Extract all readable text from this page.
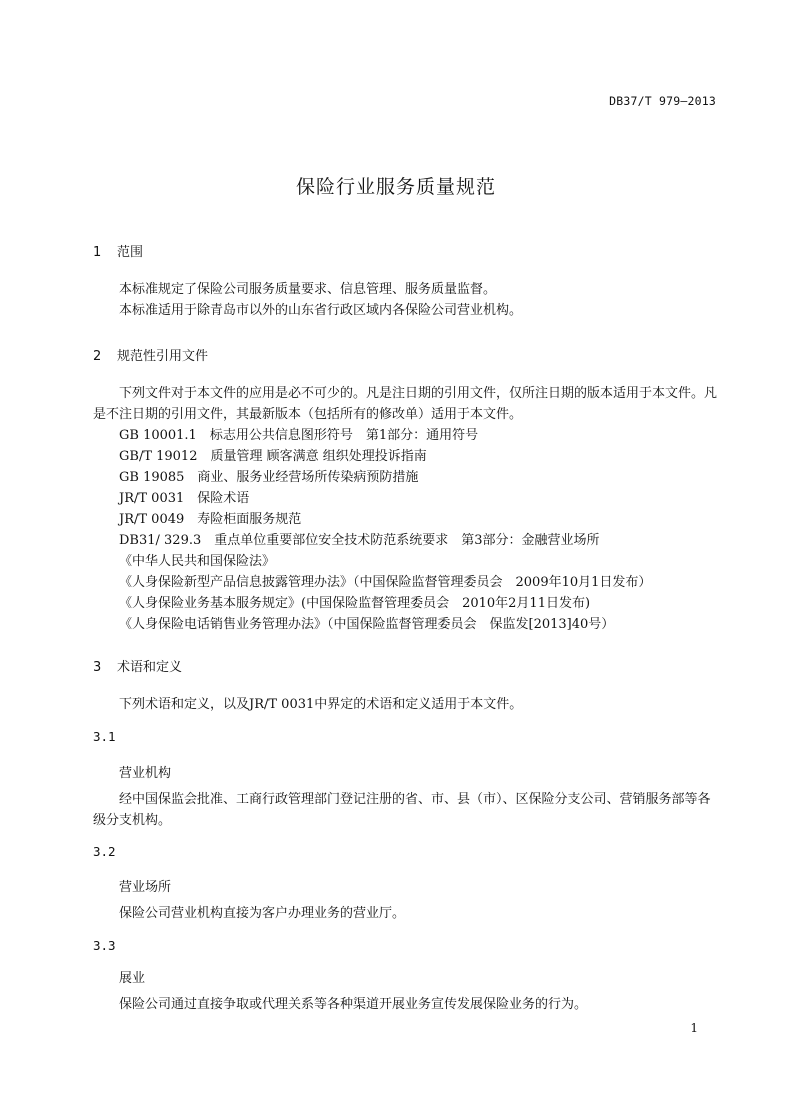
DB37/T 979—2013

保险行业服务质量规范

1 范围

本标准规定了保险公司服务质量要求、信息管理、服务质量监督。

本标准适用于除青岛市以外的山东省行政区域内各保险公司营业机构。

2 规范性引用文件

下列文件对于本文件的应用是必不可少的。凡是注日期的引用文件，仅所注日期的版本适用于本文件。凡是不注日期的引用文件，其最新版本（包括所有的修改单）适用于本文件。

GB 10001.1　标志用公共信息图形符号　第1部分：通用符号

GB/T 19012　质量管理 顾客满意 组织处理投诉指南

GB 19085　商业、服务业经营场所传染病预防措施

JR/T 0031　保险术语

JR/T 0049　寿险柜面服务规范

DB31/ 329.3　重点单位重要部位安全技术防范系统要求　第3部分：金融营业场所

《中华人民共和国保险法》

《人身保险新型产品信息披露管理办法》（中国保险监督管理委员会　2009年10月1日发布）

《人身保险业务基本服务规定》(中国保险监督管理委员会　2010年2月11日发布)

《人身保险电话销售业务管理办法》（中国保险监督管理委员会　保监发[2013]40号）

3 术语和定义

下列术语和定义，以及JR/T 0031中界定的术语和定义适用于本文件。

3.1

营业机构

经中国保监会批准、工商行政管理部门登记注册的省、市、县（市）、区保险分支公司、营销服务部等各级分支机构。

3.2

营业场所

保险公司营业机构直接为客户办理业务的营业厅。

3.3

展业

保险公司通过直接争取或代理关系等各种渠道开展业务宣传发展保险业务的行为。

1
